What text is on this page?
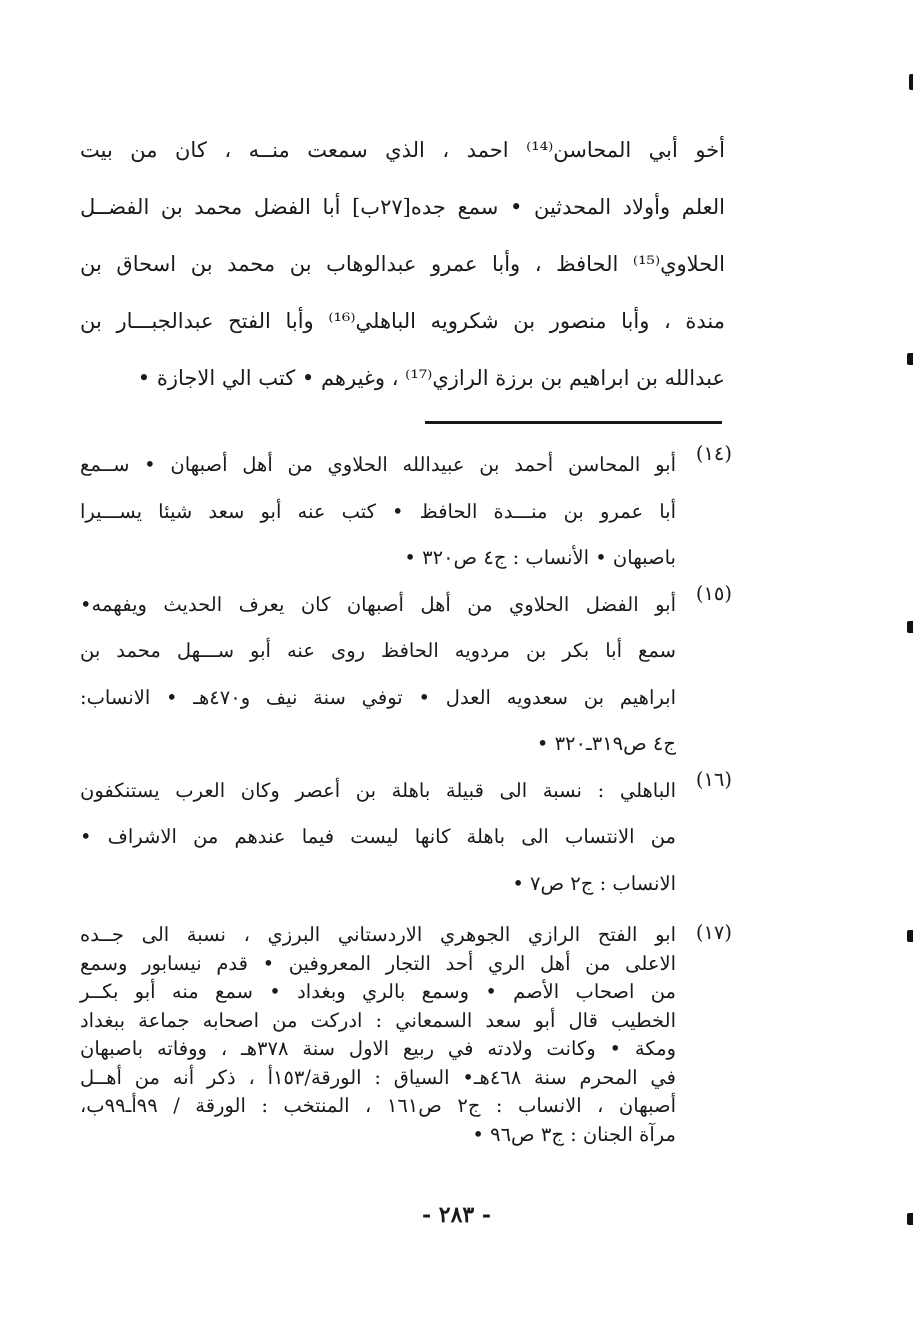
أخو أبي المحاسن⁽¹⁴⁾ احمد ، الذي سمعت منــه ، كان من بيت
العلم وأولاد المحدثين • سمع جده[٢٧ب] أبا الفضل محمد بن الفضــل
الحلاوي⁽¹⁵⁾ الحافظ ، وأبا عمرو عبدالوهاب بن محمد بن اسحاق بن
مندة ، وأبا منصور بن شكرويه الباهلي⁽¹⁶⁾ وأبا الفتح عبدالجبـــار بن
عبدالله بن ابراهيم بن برزة الرازي⁽¹⁷⁾ ، وغيرهم • كتب الي الاجازة •
(١٤)
أبو المحاسن أحمد بن عبيدالله الحلاوي من أهل أصبهان • ســمع
أبا عمرو بن منـــدة الحافظ • كتب عنه أبو سعد شيئا يســـيرا
باصبهان • الأنساب : ج٤ ص٣٢٠ •
(١٥)
أبو الفضل الحلاوي من أهل أصبهان كان يعرف الحديث ويفهمه•
سمع أبا بكر بن مردويه الحافظ روى عنه أبو ســـهل محمد بن
ابراهيم بن سعدويه العدل • توفي سنة نيف و٤٧٠هـ • الانساب:
ج٤ ص٣١٩ـ٣٢٠ •
(١٦)
الباهلي : نسبة الى قبيلة باهلة بن أعصر وكان العرب يستنكفون
من الانتساب الى باهلة كانها ليست فيما عندهم من الاشراف •
الانساب : ج٢ ص٧ •
(١٧)
ابو الفتح الرازي الجوهري الاردستاني البرزي ، نسبة الى جــده
الاعلى من أهل الري أحد التجار المعروفين • قدم نيسابور وسمع
من اصحاب الأصم • وسمع بالري وبغداد • سمع منه أبو بكــر
الخطيب قال أبو سعد السمعاني : ادركت من اصحابه جماعة ببغداد
ومكة • وكانت ولادته في ربيع الاول سنة ٣٧٨هـ ، ووفاته باصبهان
في المحرم سنة ٤٦٨هـ• السياق : الورقة/١٥٣أ ، ذكر أنه من أهــل
أصبهان ، الانساب : ج٢ ص١٦١ ، المنتخب : الورقة / ٩٩أـ٩٩ب،
مرآة الجنان : ج٣ ص٩٦ •
- ٢٨٣ -
